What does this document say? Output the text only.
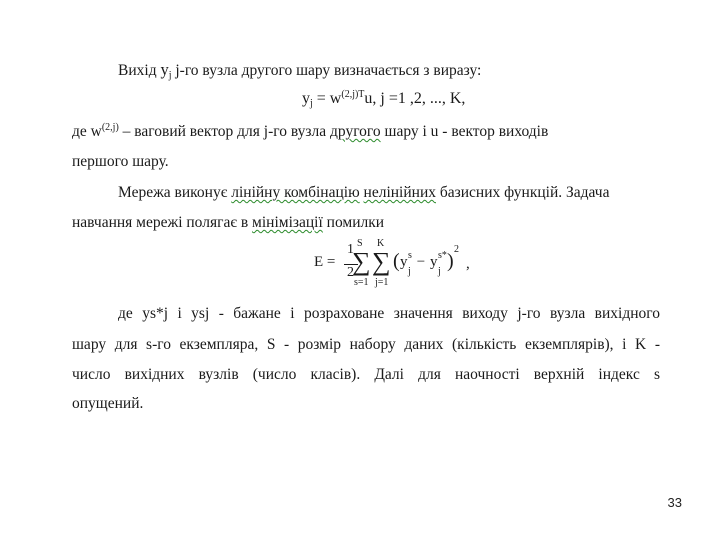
Вихід $y_j$ j-го вузла другого шару визначається з виразу:
$y_j = w^{(2,j)T}u$, j =1 ,2, ..., K,
де $w^{(2,j)}$ – ваговий вектор для j-го вузла другого шару і u - вектор виходів
першого шару.
Мережа виконує лінійну комбінацію нелінійних базисних функцій. Задача
навчання мережі полягає в мінімізації помилки
E =
1
2
S
∑
s=1
K
∑
j=1
( y s
j
− y s*
j )
2
,
де ys*j і ysj - бажане і розраховане значення виходу j-го вузла вихідного
шару для s-го екземпляра, S - розмір набору даних (кількість екземплярів), і K -
число вихідних вузлів (число класів). Далі для наочності верхній індекс s
опущений.
33
